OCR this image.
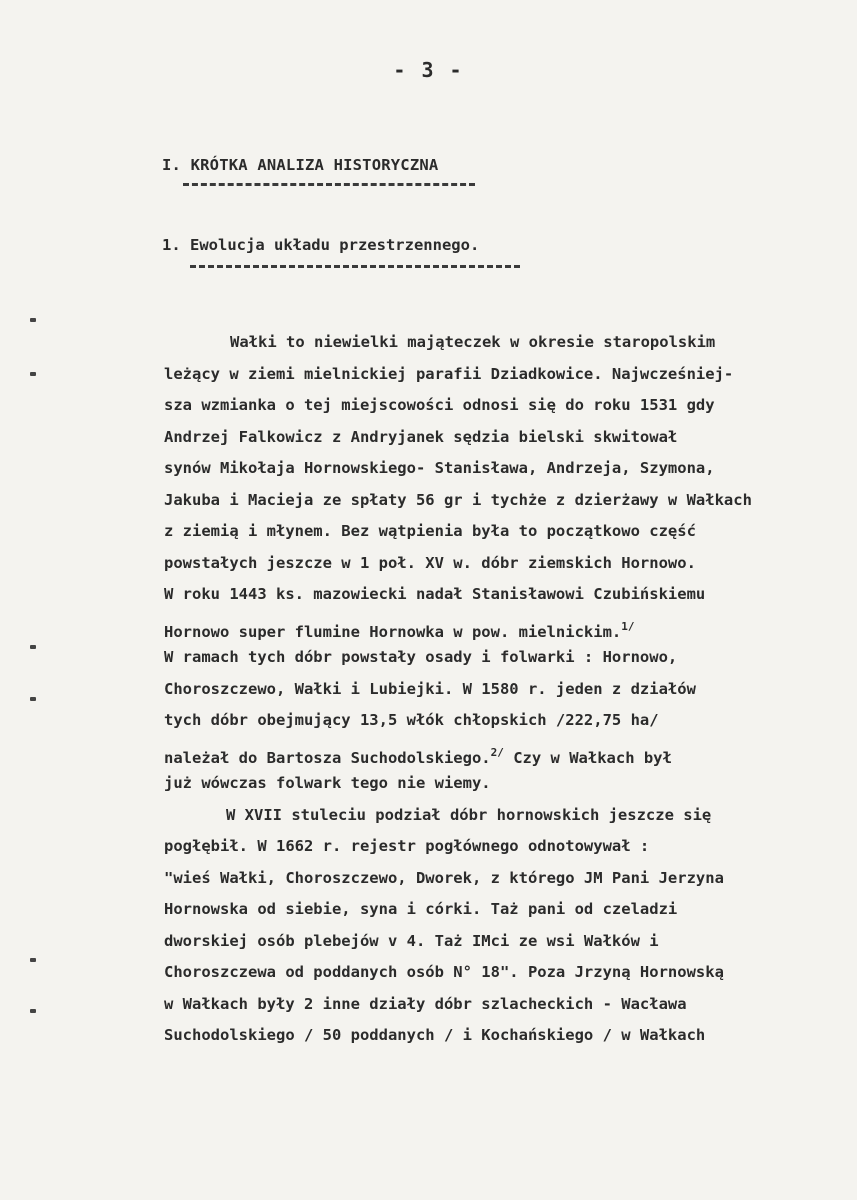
- 3 -
I. KRÓTKA ANALIZA HISTORYCZNA
1. Ewolucja układu przestrzennego.
Wałki to niewielki mająteczek w okresie staropolskim
leżący w ziemi mielnickiej parafii Dziadkowice. Najwcześniej-
sza wzmianka o tej miejscowości odnosi się do roku 1531 gdy
Andrzej Falkowicz z Andryjanek sędzia bielski skwitował
synów Mikołaja Hornowskiego- Stanisława, Andrzeja, Szymona,
Jakuba i Macieja ze spłaty 56 gr i tychże z dzierżawy w Wałkach
z ziemią i młynem. Bez wątpienia była to początkowo część
powstałych jeszcze w 1 poł. XV w. dóbr ziemskich Hornowo.
W roku 1443 ks. mazowiecki nadał Stanisławowi Czubińskiemu
Hornowo super flumine Hornowka w pow. mielnickim.$^{1/}$
W ramach tych dóbr powstały osady i folwarki : Hornowo,
Choroszczewo, Wałki i Lubiejki. W 1580 r. jeden z działów
tych dóbr obejmujący 13,5 włók chłopskich /222,75 ha/
należał do Bartosza Suchodolskiego.$^{2/}$ Czy w Wałkach był
już wówczas folwark tego nie wiemy.
W XVII stuleciu podział dóbr hornowskich jeszcze się
pogłębił. W 1662 r. rejestr pogłównego odnotowywał :
"wieś Wałki, Choroszczewo, Dworek, z którego JM Pani Jerzyna
Hornowska od siebie, syna i córki. Taż pani od czeladzi
dworskiej osób plebejów v 4. Taż IMci ze wsi Wałków i
Choroszczewa od poddanych osób N° 18". Poza Jrzyną Hornowską
w Wałkach były 2 inne działy dóbr szlacheckich - Wacława
Suchodolskiego / 50 poddanych / i Kochańskiego / w Wałkach
